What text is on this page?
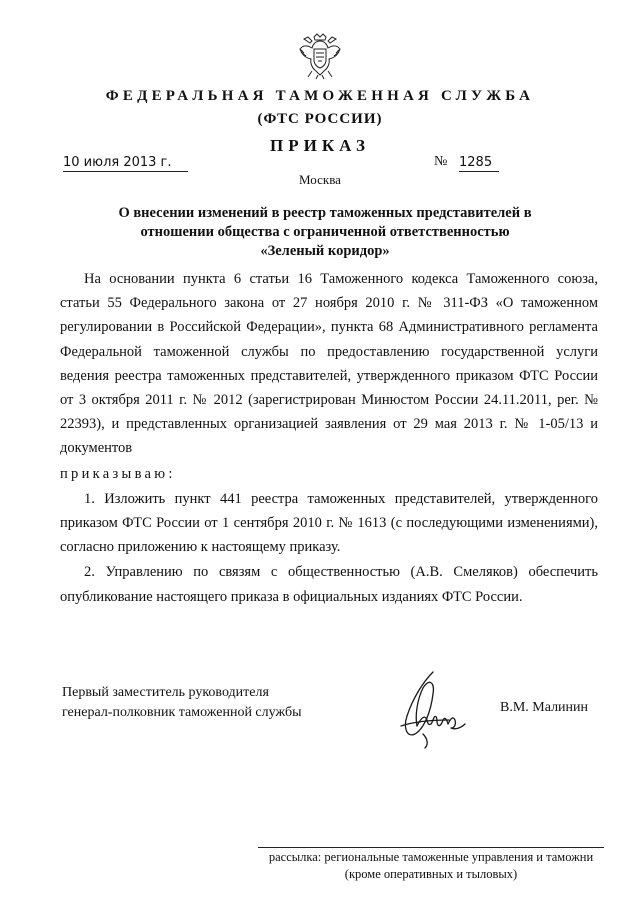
ФЕДЕРАЛЬНАЯ ТАМОЖЕННАЯ СЛУЖБА
(ФТС РОССИИ)
ПРИКАЗ
10 июля 2013 г.	№ 1285
Москва
О внесении изменений в реестр таможенных представителей в
отношении общества с ограниченной ответственностью
«Зеленый коридор»

На основании пункта 6 статьи 16 Таможенного кодекса Таможенного союза, статьи 55 Федерального закона от 27 ноября 2010 г. № 311-ФЗ «О таможенном регулировании в Российской Федерации», пункта 68 Административного регламента Федеральной таможенной службы по предоставлению государственной услуги ведения реестра таможенных представителей, утвержденного приказом ФТС России от 3 октября 2011 г. № 2012 (зарегистрирован Минюстом России 24.11.2011, рег. № 22393), и представленных организацией заявления от 29 мая 2013 г. № 1-05/13 и документов

приказываю:

1. Изложить пункт 441 реестра таможенных представителей, утвержденного приказом ФТС России от 1 сентября 2010 г. № 1613 (с последующими изменениями), согласно приложению к настоящему приказу.

2. Управлению по связям с общественностью (А.В. Смеляков) обеспечить опубликование настоящего приказа в официальных изданиях ФТС России.

Первый заместитель руководителя
генерал-полковник таможенной службы	В.М. Малинин
рассылка: региональные таможенные управления и таможни
(кроме оперативных и тыловых)
